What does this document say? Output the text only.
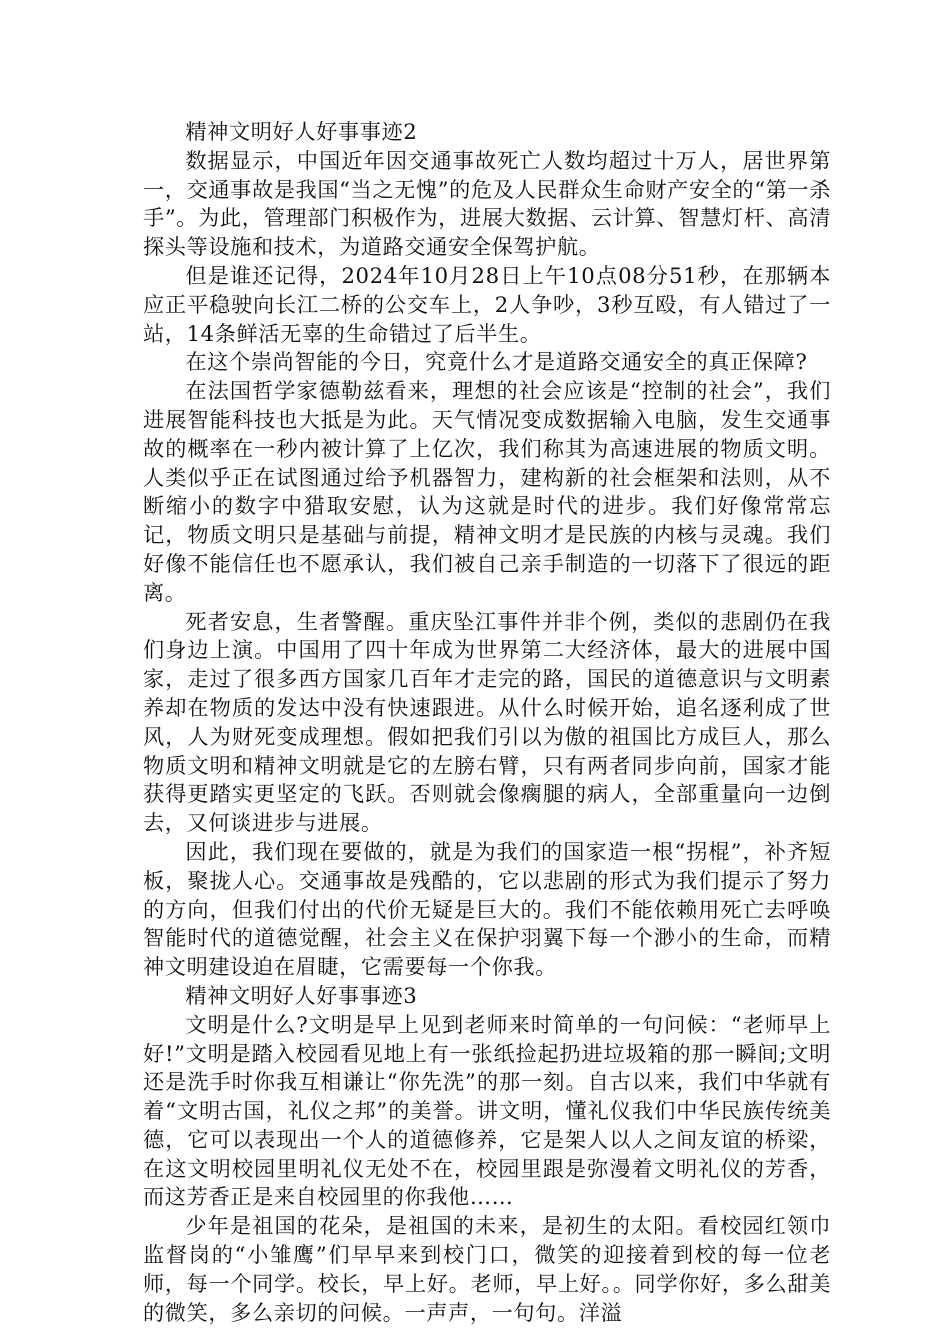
精神文明好人好事事迹2

数据显示，中国近年因交通事故死亡人数均超过十万人，居世界第一，交通事故是我国“当之无愧”的危及人民群众生命财产安全的“第一杀手”。为此，管理部门积极作为，进展大数据、云计算、智慧灯杆、高清探头等设施和技术，为道路交通安全保驾护航。

但是谁还记得，2024年10月28日上午10点08分51秒，在那辆本应正平稳驶向长江二桥的公交车上，2人争吵，3秒互殴，有人错过了一站，14条鲜活无辜的生命错过了后半生。

在这个崇尚智能的今日，究竟什么才是道路交通安全的真正保障?

在法国哲学家德勒兹看来，理想的社会应该是“控制的社会”，我们进展智能科技也大抵是为此。天气情况变成数据输入电脑，发生交通事故的概率在一秒内被计算了上亿次，我们称其为高速进展的物质文明。人类似乎正在试图通过给予机器智力，建构新的社会框架和法则，从不断缩小的数字中猎取安慰，认为这就是时代的进步。我们好像常常忘记，物质文明只是基础与前提，精神文明才是民族的内核与灵魂。我们好像不能信任也不愿承认，我们被自己亲手制造的一切落下了很远的距离。

死者安息，生者警醒。重庆坠江事件并非个例，类似的悲剧仍在我们身边上演。中国用了四十年成为世界第二大经济体，最大的进展中国家，走过了很多西方国家几百年才走完的路，国民的道德意识与文明素养却在物质的发达中没有快速跟进。从什么时候开始，追名逐利成了世风，人为财死变成理想。假如把我们引以为傲的祖国比方成巨人，那么物质文明和精神文明就是它的左膀右臂，只有两者同步向前，国家才能获得更踏实更坚定的飞跃。否则就会像瘸腿的病人，全部重量向一边倒去，又何谈进步与进展。

因此，我们现在要做的，就是为我们的国家造一根“拐棍”，补齐短板，聚拢人心。交通事故是残酷的，它以悲剧的形式为我们提示了努力的方向，但我们付出的代价无疑是巨大的。我们不能依赖用死亡去呼唤智能时代的道德觉醒，社会主义在保护羽翼下每一个渺小的生命，而精神文明建设迫在眉睫，它需要每一个你我。

精神文明好人好事事迹3

文明是什么?文明是早上见到老师来时简单的一句问候：“老师早上好!”文明是踏入校园看见地上有一张纸捡起扔进垃圾箱的那一瞬间;文明还是洗手时你我互相谦让“你先洗”的那一刻。自古以来，我们中华就有着“文明古国，礼仪之邦”的美誉。讲文明，懂礼仪我们中华民族传统美德，它可以表现出一个人的道德修养，它是架人以人之间友谊的桥梁，在这文明校园里明礼仪无处不在，校园里跟是弥漫着文明礼仪的芳香，而这芳香正是来自校园里的你我他……

少年是祖国的花朵，是祖国的未来，是初生的太阳。看校园红领巾监督岗的“小雏鹰”们早早来到校门口，微笑的迎接着到校的每一位老师，每一个同学。校长，早上好。老师，早上好。。同学你好，多么甜美的微笑，多么亲切的问候。一声声，一句句。洋溢
